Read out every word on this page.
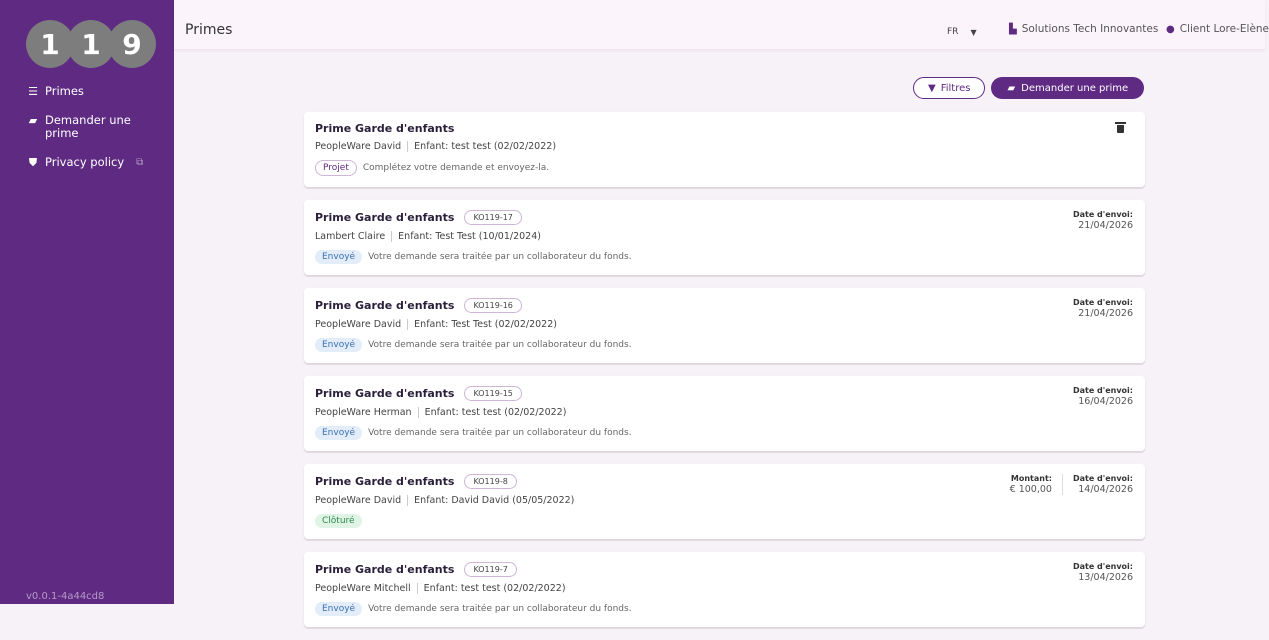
1 1 9
☰ Primes
▰ Demander une prime
⛊ Privacy policy ⧉
v0.0.1-4a44cd8
Primes	FR ▼	▙ Solutions Tech Innovantes ● Client Lore-Elène
▼ Filtres	▰ Demander une prime
Prime Garde d'enfants
PeopleWare David Enfant: test test (02/02/2022)
Projet	Complétez votre demande et envoyez-la.
Prime Garde d'enfants	KO119-17
Lambert Claire Enfant: Test Test (10/01/2024)
Envoyé	Votre demande sera traitée par un collaborateur du fonds.
Date d'envoi:
21/04/2026
Prime Garde d'enfants	KO119-16
PeopleWare David Enfant: Test Test (02/02/2022)
Envoyé	Votre demande sera traitée par un collaborateur du fonds.
Date d'envoi:
21/04/2026
Prime Garde d'enfants	KO119-15
PeopleWare Herman Enfant: test test (02/02/2022)
Envoyé	Votre demande sera traitée par un collaborateur du fonds.
Date d'envoi:
16/04/2026
Prime Garde d'enfants	KO119-8
PeopleWare David Enfant: David David (05/05/2022)
Clôturé
Montant:
€ 100,00
Date d'envoi:
14/04/2026
Prime Garde d'enfants	KO119-7
PeopleWare Mitchell Enfant: test test (02/02/2022)
Envoyé	Votre demande sera traitée par un collaborateur du fonds.
Date d'envoi:
13/04/2026
